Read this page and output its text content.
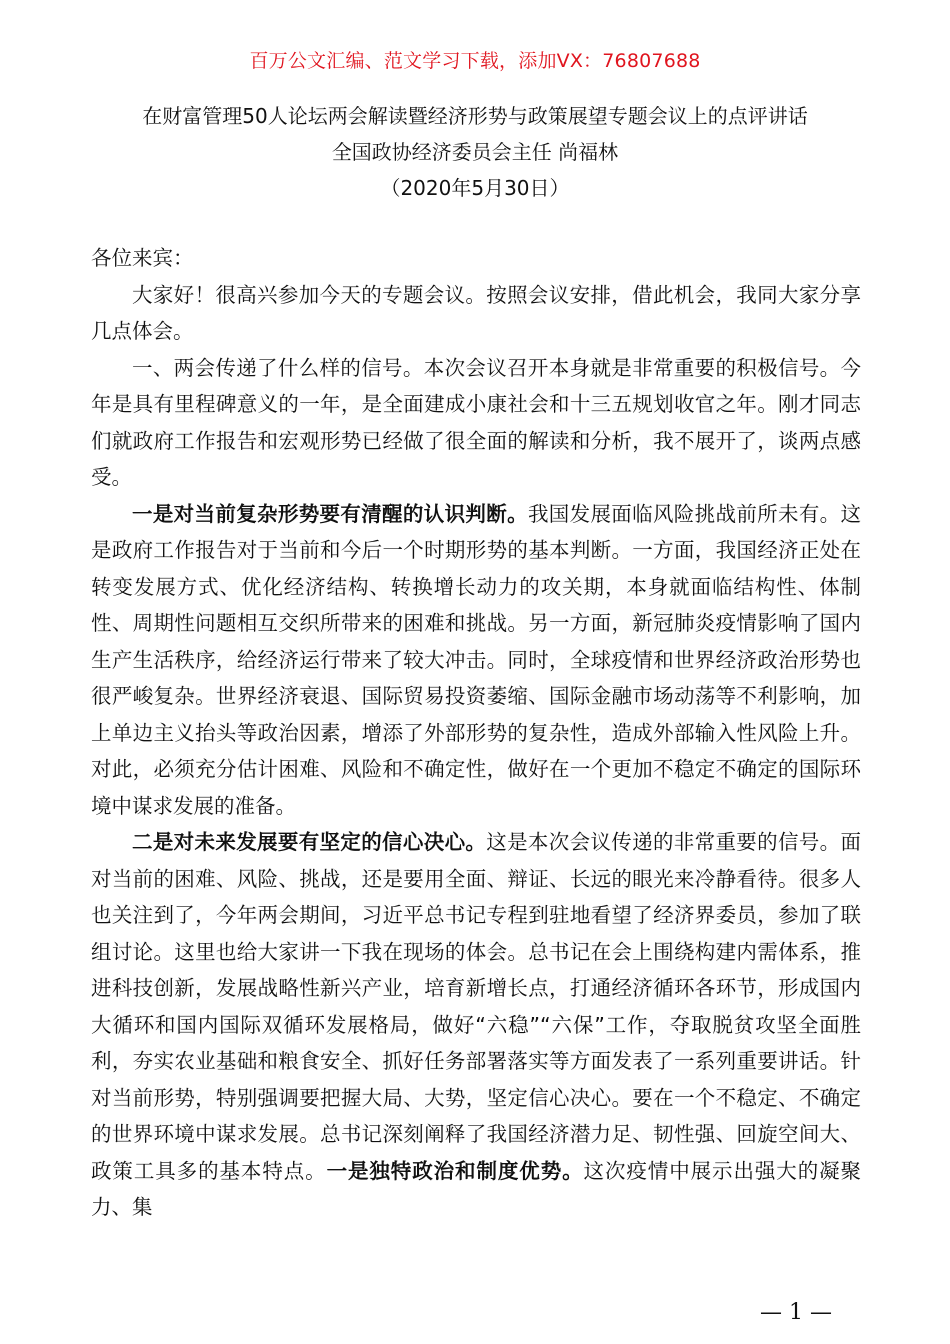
百万公文汇编、范文学习下载，添加VX：76807688
在财富管理50人论坛两会解读暨经济形势与政策展望专题会议上的点评讲话
全国政协经济委员会主任 尚福林
（2020年5月30日）

各位来宾：

大家好！很高兴参加今天的专题会议。按照会议安排，借此机会，我同大家分享几点体会。

一、两会传递了什么样的信号。本次会议召开本身就是非常重要的积极信号。今年是具有里程碑意义的一年，是全面建成小康社会和十三五规划收官之年。刚才同志们就政府工作报告和宏观形势已经做了很全面的解读和分析，我不展开了，谈两点感受。

一是对当前复杂形势要有清醒的认识判断。我国发展面临风险挑战前所未有。这是政府工作报告对于当前和今后一个时期形势的基本判断。一方面，我国经济正处在转变发展方式、优化经济结构、转换增长动力的攻关期，本身就面临结构性、体制性、周期性问题相互交织所带来的困难和挑战。另一方面，新冠肺炎疫情影响了国内生产生活秩序，给经济运行带来了较大冲击。同时，全球疫情和世界经济政治形势也很严峻复杂。世界经济衰退、国际贸易投资萎缩、国际金融市场动荡等不利影响，加上单边主义抬头等政治因素，增添了外部形势的复杂性，造成外部输入性风险上升。对此，必须充分估计困难、风险和不确定性，做好在一个更加不稳定不确定的国际环境中谋求发展的准备。

二是对未来发展要有坚定的信心决心。这是本次会议传递的非常重要的信号。面对当前的困难、风险、挑战，还是要用全面、辩证、长远的眼光来冷静看待。很多人也关注到了，今年两会期间，习近平总书记专程到驻地看望了经济界委员，参加了联组讨论。这里也给大家讲一下我在现场的体会。总书记在会上围绕构建内需体系，推进科技创新，发展战略性新兴产业，培育新增长点，打通经济循环各环节，形成国内大循环和国内国际双循环发展格局，做好“六稳”“六保”工作，夺取脱贫攻坚全面胜利，夯实农业基础和粮食安全、抓好任务部署落实等方面发表了一系列重要讲话。针对当前形势，特别强调要把握大局、大势，坚定信心决心。要在一个不稳定、不确定的世界环境中谋求发展。总书记深刻阐释了我国经济潜力足、韧性强、回旋空间大、政策工具多的基本特点。一是独特政治和制度优势。这次疫情中展示出强大的凝聚力、集

— 1 —
